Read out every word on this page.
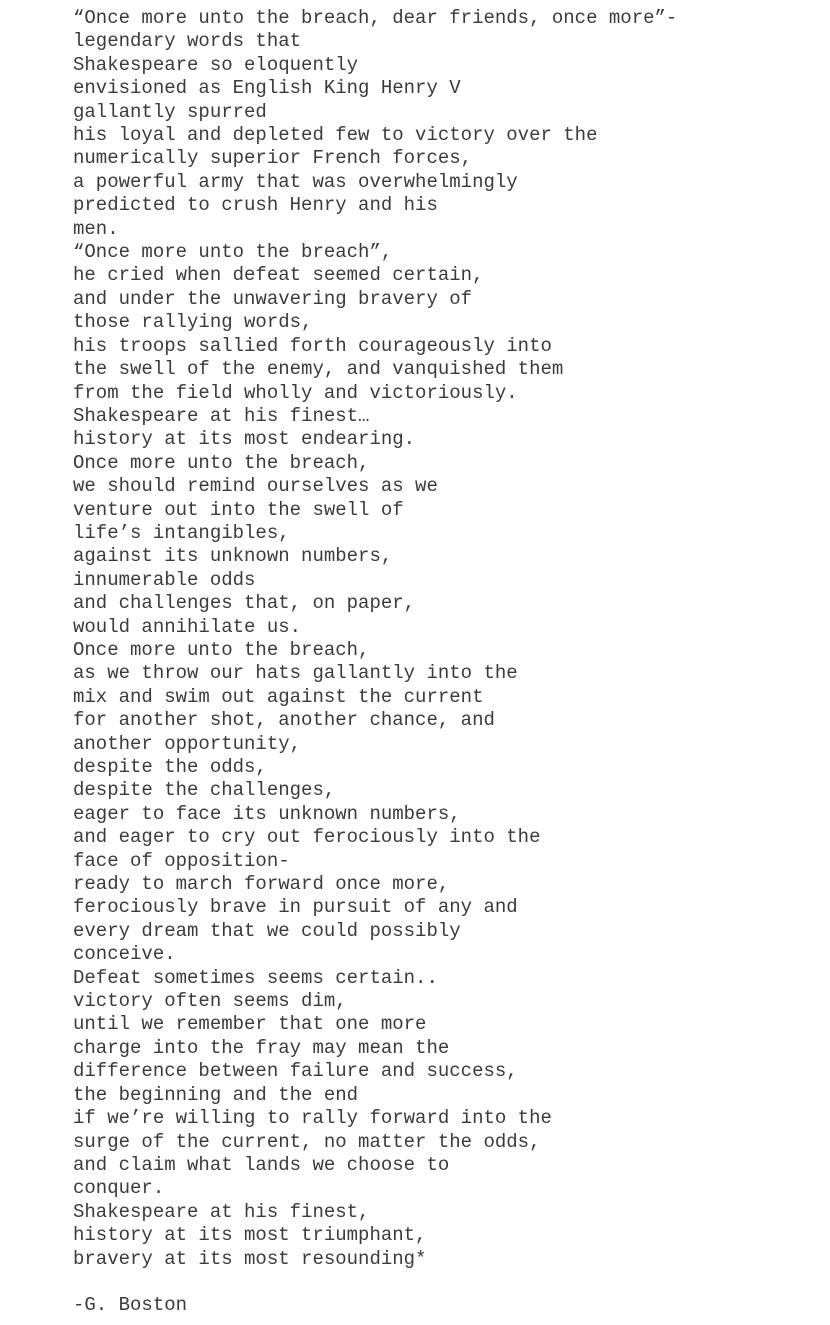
“Once more unto the breach, dear friends, once more”-
legendary words that
Shakespeare so eloquently
envisioned as English King Henry V
gallantly spurred
his loyal and depleted few to victory over the
numerically superior French forces,
a powerful army that was overwhelmingly
predicted to crush Henry and his
men.
“Once more unto the breach”,
he cried when defeat seemed certain,
and under the unwavering bravery of
those rallying words,
his troops sallied forth courageously into
the swell of the enemy, and vanquished them
from the field wholly and victoriously.
Shakespeare at his finest…
history at its most endearing.
Once more unto the breach,
we should remind ourselves as we
venture out into the swell of
life’s intangibles,
against its unknown numbers,
innumerable odds
and challenges that, on paper,
would annihilate us.
Once more unto the breach,
as we throw our hats gallantly into the
mix and swim out against the current
for another shot, another chance, and
another opportunity,
despite the odds,
despite the challenges,
eager to face its unknown numbers,
and eager to cry out ferociously into the
face of opposition-
ready to march forward once more,
ferociously brave in pursuit of any and
every dream that we could possibly
conceive.
Defeat sometimes seems certain..
victory often seems dim,
until we remember that one more
charge into the fray may mean the
difference between failure and success,
the beginning and the end
if we’re willing to rally forward into the
surge of the current, no matter the odds,
and claim what lands we choose to
conquer.
Shakespeare at his finest,
history at its most triumphant,
bravery at its most resounding*
-G. Boston
